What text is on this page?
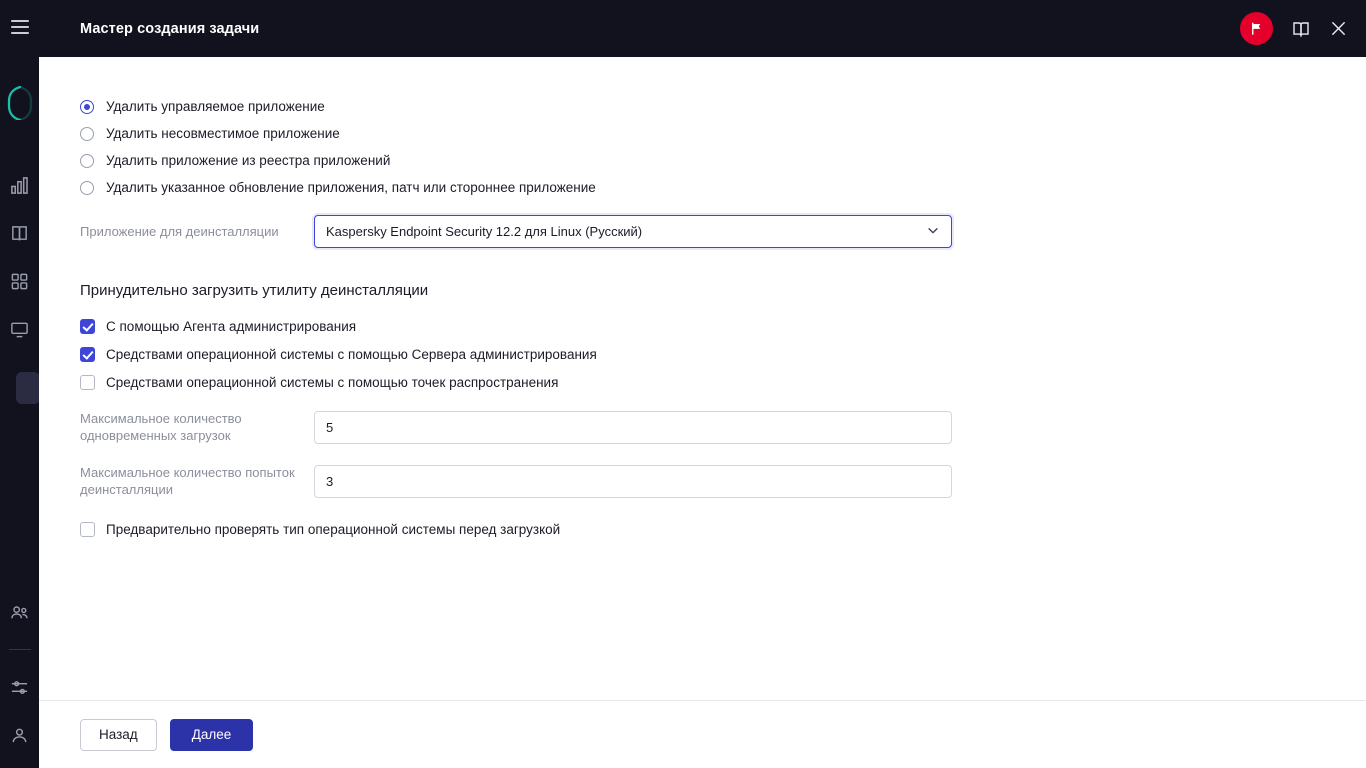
Мастер создания задачи
Удалить управляемое приложение
Удалить несовместимое приложение
Удалить приложение из реестра приложений
Удалить указанное обновление приложения, патч или стороннее приложение
Приложение для деинсталляции	Kaspersky Endpoint Security 12.2 для Linux (Русский)
Принудительно загрузить утилиту деинсталляции
С помощью Агента администрирования
Средствами операционной системы с помощью Сервера администрирования
Средствами операционной системы с помощью точек распространения
Максимальное количество одновременных загрузок
5
Максимальное количество попыток деинсталляции
3
Предварительно проверять тип операционной системы перед загрузкой
Назад	Далее
